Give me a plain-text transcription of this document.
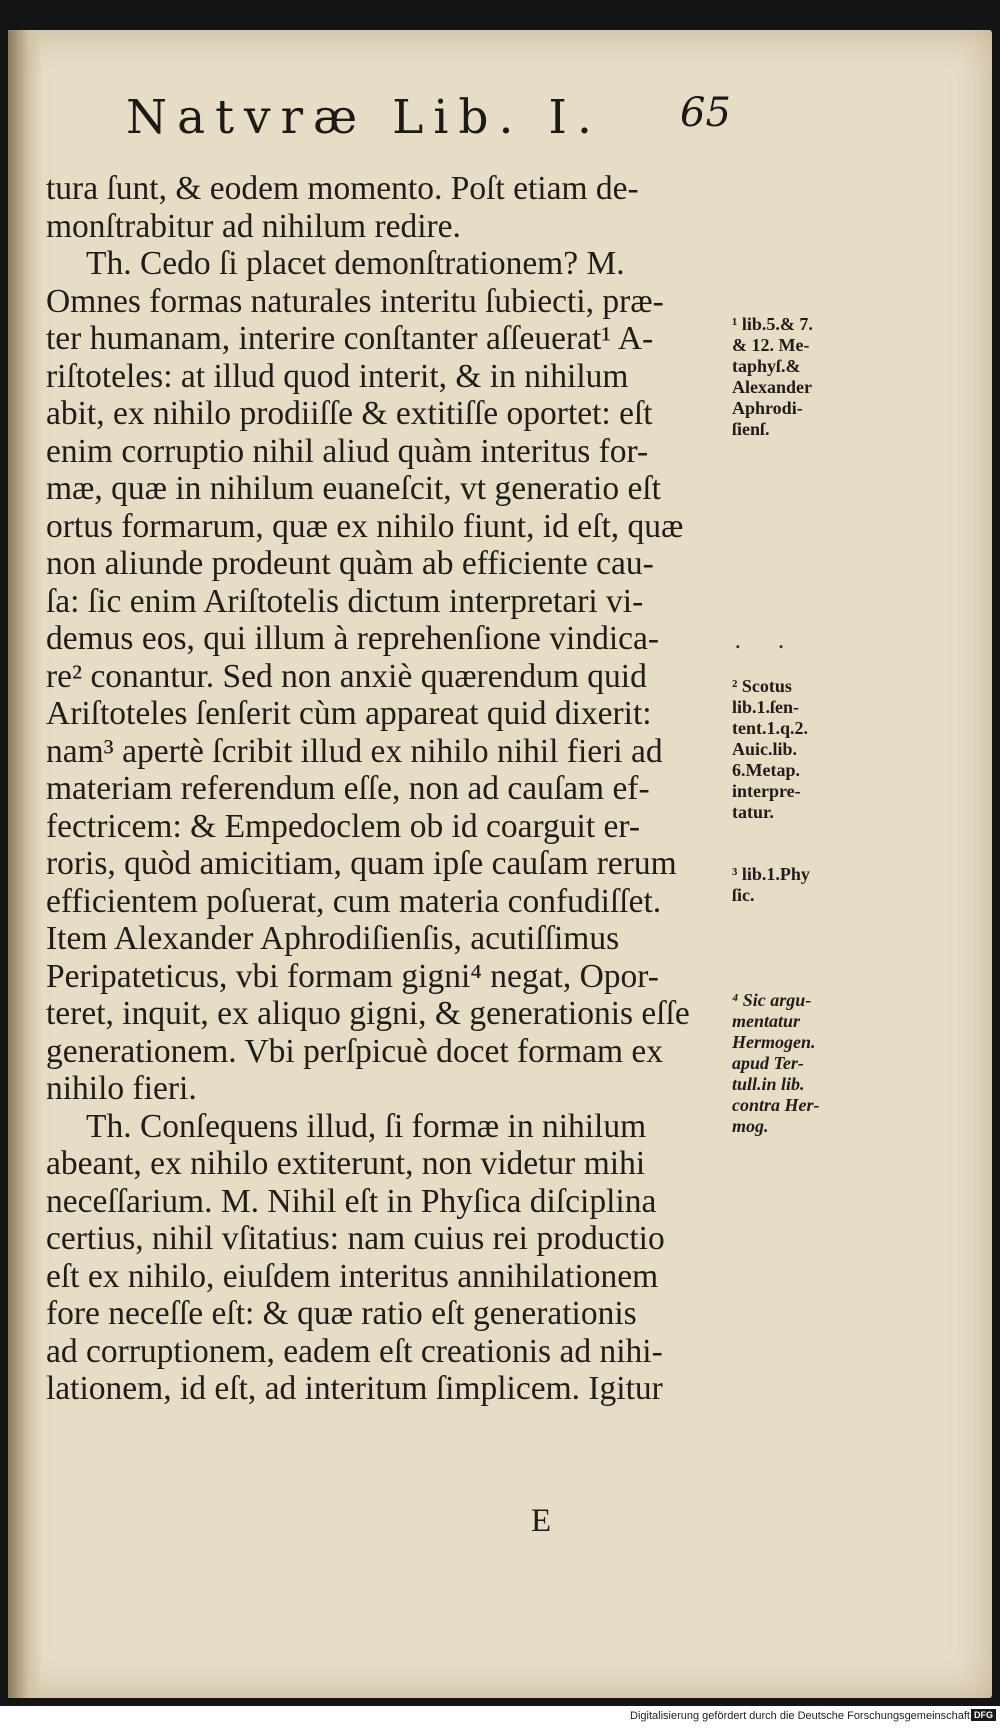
Natvræ Lib. I.	65
tura ſunt, & eodem momento. Poſt etiam de-
monſtrabitur ad nihilum redire.
Th. Cedo ſi placet demonſtrationem? M.
Omnes formas naturales interitu ſubiecti, præ-
ter humanam, interire conſtanter aſſeuerat¹ A-
riſtoteles: at illud quod interit, & in nihilum
abit, ex nihilo prodiiſſe & extitiſſe oportet: eſt
enim corruptio nihil aliud quàm interitus for-
mæ, quæ in nihilum euaneſcit, vt generatio eſt
ortus formarum, quæ ex nihilo fiunt, id eſt, quæ
non aliunde prodeunt quàm ab efficiente cau-
ſa: ſic enim Ariſtotelis dictum interpretari vi-
demus eos, qui illum à reprehenſione vindica-
re² conantur. Sed non anxiè quærendum quid
Ariſtoteles ſenſerit cùm appareat quid dixerit:
nam³ apertè ſcribit illud ex nihilo nihil fieri ad
materiam referendum eſſe, non ad cauſam ef-
fectricem: & Empedoclem ob id coarguit er-
roris, quòd amicitiam, quam ipſe cauſam rerum
efficientem poſuerat, cum materia confudiſſet.
Item Alexander Aphrodiſienſis, acutiſſimus
Peripateticus, vbi formam gigni⁴ negat, Opor-
teret, inquit, ex aliquo gigni, & generationis eſſe
generationem. Vbi perſpicuè docet formam ex
nihilo fieri.
Th. Conſequens illud, ſi formæ in nihilum
abeant, ex nihilo extiterunt, non videtur mihi
neceſſarium. M. Nihil eſt in Phyſica diſciplina
certius, nihil vſitatius: nam cuius rei productio
eſt ex nihilo, eiuſdem interitus annihilationem
fore neceſſe eſt: & quæ ratio eſt generationis
ad corruptionem, eadem eſt creationis ad nihi-
lationem, id eſt, ad interitum ſimplicem. Igitur
¹ lib.5.& 7.
& 12. Me-
taphyſ.&
Alexander
Aphrodi-
ſienſ.
. .
² Scotus
lib.1.ſen-
tent.1.q.2.
Auic.lib.
6.Metap.
interpre-
tatur.
³ lib.1.Phy
ſic.
⁴ Sic argu-
mentatur
Hermogen.
apud Ter-
tull.in lib.
contra Her-
mog.
E
Digitalisierung gefördert durch die Deutsche Forschungsgemeinschaft DFG
